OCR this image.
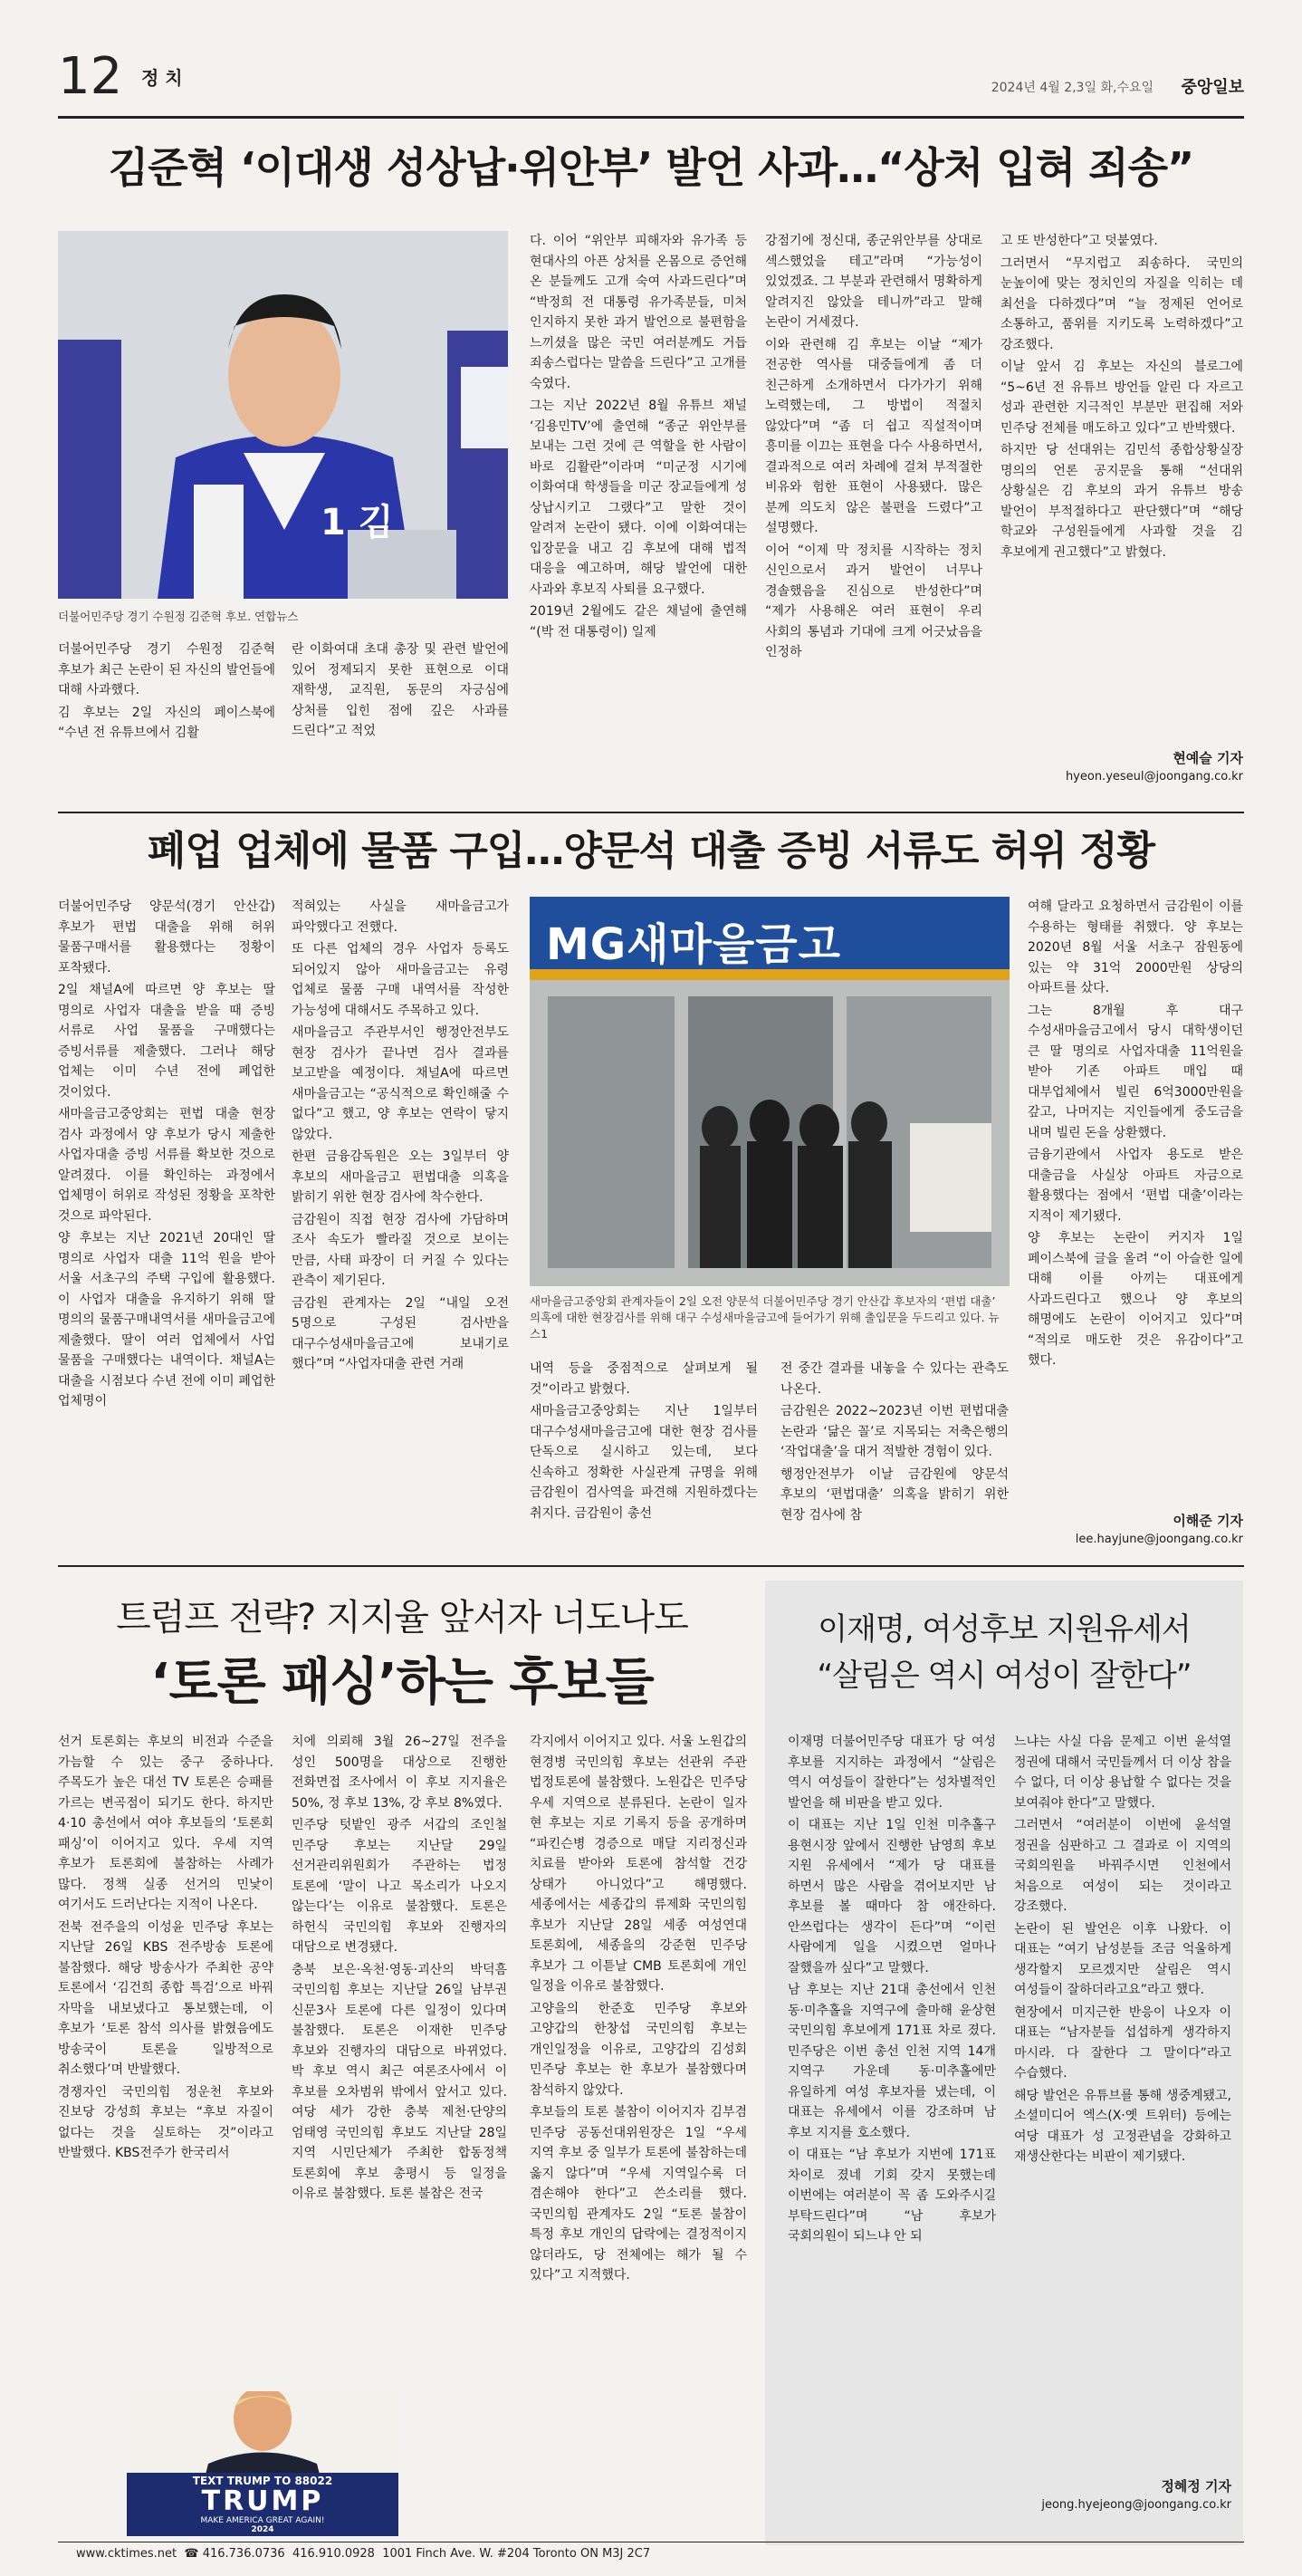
12 정 치	2024년 4월 2,3일 화,수요일 중앙일보
김준혁 ‘이대생 성상납·위안부’ 발언 사과…“상처 입혀 죄송”
1 김
더불어민주당 경기 수원정 김준혁 후보. 연합뉴스

더불어민주당 경기 수원정 김준혁 후보가 최근 논란이 된 자신의 발언들에 대해 사과했다.

김 후보는 2일 자신의 페이스북에 “수년 전 유튜브에서 김활

란 이화여대 초대 총장 및 관련 발언에 있어 정제되지 못한 표현으로 이대 재학생, 교직원, 동문의 자긍심에 상처를 입힌 점에 깊은 사과를 드린다”고 적었

다. 이어 “위안부 피해자와 유가족 등 현대사의 아픈 상처를 온몸으로 증언해 온 분들께도 고개 숙여 사과드린다”며 “박정희 전 대통령 유가족분들, 미처 인지하지 못한 과거 발언으로 불편함을 느끼셨을 많은 국민 여러분께도 거듭 죄송스럽다는 말씀을 드린다”고 고개를 숙였다.

그는 지난 2022년 8월 유튜브 채널 ‘김용민TV’에 출연해 “종군 위안부를 보내는 그런 것에 큰 역할을 한 사람이 바로 김활란”이라며 “미군정 시기에 이화여대 학생들을 미군 장교들에게 성 상납시키고 그랬다”고 말한 것이 알려져 논란이 됐다. 이에 이화여대는 입장문을 내고 김 후보에 대해 법적 대응을 예고하며, 해당 발언에 대한 사과와 후보직 사퇴를 요구했다.

2019년 2월에도 같은 채널에 출연해 “(박 전 대통령이) 일제

강점기에 정신대, 종군위안부를 상대로 섹스했었을 테고”라며 “가능성이 있었겠죠. 그 부분과 관련해서 명확하게 알려지진 않았을 테니까”라고 말해 논란이 거세졌다.

이와 관련해 김 후보는 이날 “제가 전공한 역사를 대중들에게 좀 더 친근하게 소개하면서 다가가기 위해 노력했는데, 그 방법이 적절치 않았다”며 “좀 더 쉽고 직설적이며 흥미를 이끄는 표현을 다수 사용하면서, 결과적으로 여러 차례에 걸쳐 부적절한 비유와 험한 표현이 사용됐다. 많은 분께 의도치 않은 불편을 드렸다”고 설명했다.

이어 “이제 막 정치를 시작하는 정치 신인으로서 과거 발언이 너무나 경솔했음을 진심으로 반성한다”며 “제가 사용해온 여러 표현이 우리 사회의 통념과 기대에 크게 어긋났음을 인정하

고 또 반성한다”고 덧붙였다.

그러면서 “무지럽고 죄송하다. 국민의 눈높이에 맞는 정치인의 자질을 익히는 데 최선을 다하겠다”며 “늘 정제된 언어로 소통하고, 품위를 지키도록 노력하겠다”고 강조했다.

이날 앞서 김 후보는 자신의 블로그에 “5~6년 전 유튜브 방언들 알린 다 자르고 성과 관련한 지극적인 부분만 편집해 저와 민주당 전체를 매도하고 있다”고 반박했다.

하지만 당 선대위는 김민석 종합상황실장 명의의 언론 공지문을 통해 “선대위 상황실은 김 후보의 과거 유튜브 방송 발언이 부적절하다고 판단했다”며 “해당 학교와 구성원들에게 사과할 것을 김 후보에게 권고했다”고 밝혔다.

현예슬 기자
hyeon.yeseul@joongang.co.kr
폐업 업체에 물품 구입…양문석 대출 증빙 서류도 허위 정황

더불어민주당 양문석(경기 안산갑) 후보가 편법 대출을 위해 허위 물품구매서를 활용했다는 정황이 포착됐다.

2일 채널A에 따르면 양 후보는 딸 명의로 사업자 대출을 받을 때 증빙 서류로 사업 물품을 구매했다는 증빙서류를 제출했다. 그러나 해당 업체는 이미 수년 전에 폐업한 것이었다.

새마을금고중앙회는 편법 대출 현장 검사 과정에서 양 후보가 당시 제출한 사업자대출 증빙 서류를 확보한 것으로 알려졌다. 이를 확인하는 과정에서 업체명이 허위로 작성된 정황을 포착한 것으로 파악된다.

양 후보는 지난 2021년 20대인 딸 명의로 사업자 대출 11억 원을 받아 서울 서초구의 주택 구입에 활용했다. 이 사업자 대출을 유지하기 위해 딸 명의의 물품구매내역서를 새마을금고에 제출했다. 딸이 여러 업체에서 사업 물품을 구매했다는 내역이다. 채널A는 대출을 시점보다 수년 전에 이미 폐업한 업체명이

적혀있는 사실을 새마을금고가 파악했다고 전했다.

또 다른 업체의 경우 사업자 등록도 되어있지 않아 새마을금고는 유령 업체로 물품 구매 내역서를 작성한 가능성에 대해서도 주목하고 있다.

새마을금고 주관부서인 행정안전부도 현장 검사가 끝나면 검사 결과를 보고받을 예정이다. 채널A에 따르면 새마을금고는 “공식적으로 확인해줄 수 없다”고 했고, 양 후보는 연락이 닿지 않았다.

한편 금융감독원은 오는 3일부터 양 후보의 새마을금고 편법대출 의혹을 밝히기 위한 현장 검사에 착수한다.

금감원이 직접 현장 검사에 가담하며 조사 속도가 빨라질 것으로 보이는 만큼, 사태 파장이 더 커질 수 있다는 관측이 제기된다.

금감원 관계자는 2일 “내일 오전 5명으로 구성된 검사반을 대구수성새마을금고에 보내기로 했다”며 “사업자대출 관련 거래

MG새마을금고
새마을금고중앙회 관계자들이 2일 오전 양문석 더불어민주당 경기 안산갑 후보자의 ‘편법 대출’ 의혹에 대한 현장검사를 위해 대구 수성새마을금고에 들어가기 위해 출입문을 두드리고 있다. 뉴스1

내역 등을 중점적으로 살펴보게 될 것”이라고 밝혔다.

새마을금고중앙회는 지난 1일부터 대구수성새마을금고에 대한 현장 검사를 단독으로 실시하고 있는데, 보다 신속하고 정확한 사실관계 규명을 위해 금감원이 검사역을 파견해 지원하겠다는 취지다. 금감원이 총선

전 중간 결과를 내놓을 수 있다는 관측도 나온다.

금감원은 2022~2023년 이번 편법대출 논란과 ‘닮은 꼴’로 지목되는 저축은행의 ‘작업대출’을 대거 적발한 경험이 있다.

행정안전부가 이날 금감원에 양문석 후보의 ‘편법대출’ 의혹을 밝히기 위한 현장 검사에 참

여해 달라고 요청하면서 금감원이 이를 수용하는 형태를 취했다. 양 후보는 2020년 8월 서울 서초구 잠원동에 있는 약 31억 2000만원 상당의 아파트를 샀다.

그는 8개월 후 대구 수성새마을금고에서 당시 대학생이던 큰 딸 명의로 사업자대출 11억원을 받아 기존 아파트 매입 때 대부업체에서 빌린 6억3000만원을 갚고, 나머지는 지인들에게 중도금을 내며 빌린 돈을 상환했다.

금융기관에서 사업자 용도로 받은 대출금을 사실상 아파트 자금으로 활용했다는 점에서 ‘편법 대출’이라는 지적이 제기됐다.

양 후보는 논란이 커지자 1일 페이스북에 글을 올려 “이 아슬한 일에 대해 이를 아끼는 대표에게 사과드린다고 했으나 양 후보의 해명에도 논란이 이어지고 있다”며 “적의로 매도한 것은 유감이다”고 했다.

이해준 기자
lee.hayjune@joongang.co.kr
트럼프 전략? 지지율 앞서자 너도나도
‘토론 패싱’하는 후보들

선거 토론회는 후보의 비전과 수준을 가늠할 수 있는 중구 중하나다. 주목도가 높은 대선 TV 토론은 승패를 가르는 변곡점이 되기도 한다. 하지만 4·10 총선에서 여야 후보들의 ‘토론회 패싱’이 이어지고 있다. 우세 지역 후보가 토론회에 불참하는 사례가 많다. 정책 실종 선거의 민낯이 여기서도 드러난다는 지적이 나온다.

전북 전주을의 이성윤 민주당 후보는 지난달 26일 KBS 전주방송 토론에 불참했다. 해당 방송사가 주최한 공약 토론에서 ‘김건희 종합 특검’으로 바꿔 자막을 내보냈다고 통보했는데, 이 후보가 ‘토론 참석 의사를 밝혔음에도 방송국이 토론을 일방적으로 취소했다’며 반발했다.

경쟁자인 국민의힘 정운천 후보와 진보당 강성희 후보는 “후보 자질이 없다는 것을 실토하는 것”이라고 반발했다. KBS전주가 한국리서

치에 의뢰해 3월 26~27일 전주을 성인 500명을 대상으로 진행한 전화면접 조사에서 이 후보 지지율은 50%, 정 후보 13%, 강 후보 8%였다.

민주당 텃밭인 광주 서갑의 조인철 민주당 후보는 지난달 29일 선거관리위원회가 주관하는 법정 토론에 ‘말이 나고 목소리가 나오지 않는다’는 이유로 불참했다. 토론은 하헌식 국민의힘 후보와 진행자의 대담으로 변경됐다.

충북 보은·옥천·영동·괴산의 박덕흠 국민의힘 후보는 지난달 26일 남부권 신문3사 토론에 다른 일정이 있다며 불참했다. 토론은 이재한 민주당 후보와 진행자의 대담으로 바뀌었다. 박 후보 역시 최근 여론조사에서 이 후보를 오차범위 밖에서 앞서고 있다. 여당 세가 강한 충북 제천·단양의 엄태영 국민의힘 후보도 지난달 28일 지역 시민단체가 주최한 합동정책 토론회에 후보 총평시 등 일정을 이유로 불참했다. 토론 불참은 전국

각지에서 이어지고 있다. 서울 노원갑의 현경병 국민의힘 후보는 선관위 주관 법정토론에 불참했다. 노원갑은 민주당 우세 지역으로 분류된다. 논란이 일자 현 후보는 지로 기록지 등을 공개하며 “파킨슨병 경증으로 매달 지리정신과 치료를 받아와 토론에 참석할 건강 상태가 아니었다”고 해명했다. 세종에서는 세종갑의 류제화 국민의힘 후보가 지난달 28일 세종 여성연대 토론회에, 세종을의 강준현 민주당 후보가 그 이튿날 CMB 토론회에 개인 일정을 이유로 불참했다.

고양을의 한준호 민주당 후보와 고양갑의 한창섭 국민의힘 후보는 개인일정을 이유로, 고양갑의 김성회 민주당 후보는 한 후보가 불참했다며 참석하지 않았다.

후보들의 토론 불참이 이어지자 김부겸 민주당 공동선대위원장은 1일 “우세 지역 후보 중 일부가 토론에 불참하는데 옳지 않다”며 “우세 지역일수록 더 겸손해야 한다”고 쓴소리를 했다. 국민의힘 관계자도 2일 “토론 불참이 특정 후보 개인의 답락에는 결정적이지 않더라도, 당 전체에는 해가 될 수 있다”고 지적했다.

TEXT TRUMP TO 88022
TRUMP
MAKE AMERICA GREAT AGAIN!
2024
이재명, 여성후보 지원유세서
“살림은 역시 여성이 잘한다”

이재명 더불어민주당 대표가 당 여성 후보를 지지하는 과정에서 “살림은 역시 여성들이 잘한다”는 성차별적인 발언을 해 비판을 받고 있다.

이 대표는 지난 1일 인천 미추홀구 용현시장 앞에서 진행한 남영희 후보 지원 유세에서 “제가 당 대표를 하면서 많은 사람을 겪어보지만 남 후보를 볼 때마다 참 애잔하다. 안쓰럽다는 생각이 든다”며 “이런 사람에게 일을 시켰으면 얼마나 잘했을까 싶다”고 말했다.

남 후보는 지난 21대 총선에서 인천 동·미추홀을 지역구에 출마해 윤상현 국민의힘 후보에게 171표 차로 졌다. 민주당은 이번 총선 인천 지역 14개 지역구 가운데 동·미추홀에만 유일하게 여성 후보자를 냈는데, 이 대표는 유세에서 이를 강조하며 남 후보 지지를 호소했다.

이 대표는 “남 후보가 지번에 171표 차이로 졌네 기회 갖지 못했는데 이번에는 여러분이 꼭 좀 도와주시길 부탁드린다”며 “남 후보가 국회의원이 되느냐 안 되

느냐는 사실 다음 문제고 이번 윤석열 정권에 대해서 국민들께서 더 이상 참을 수 없다, 더 이상 용납할 수 없다는 것을 보여줘야 한다”고 말했다.

그러면서 “여러분이 이번에 윤석열 정권을 심판하고 그 결과로 이 지역의 국회의원을 바꿔주시면 인천에서 처음으로 여성이 되는 것이라고 강조했다.

논란이 된 발언은 이후 나왔다. 이 대표는 “여기 남성분들 조금 억울하게 생각할지 모르겠지만 살림은 역시 여성들이 잘하더라고요”라고 했다.

현장에서 미지근한 반응이 나오자 이 대표는 “남자분들 섭섭하게 생각하지 마시라. 다 잘한다 그 말이다”라고 수습했다.

해당 발언은 유튜브를 통해 생중계됐고, 소셜미디어 엑스(X·옛 트위터) 등에는 여당 대표가 성 고정관념을 강화하고 재생산한다는 비판이 제기됐다.

정혜정 기자
jeong.hyejeong@joongang.co.kr
www.cktimes.net  ☎ 416.736.0736  416.910.0928  1001 Finch Ave. W. #204 Toronto ON M3J 2C7
